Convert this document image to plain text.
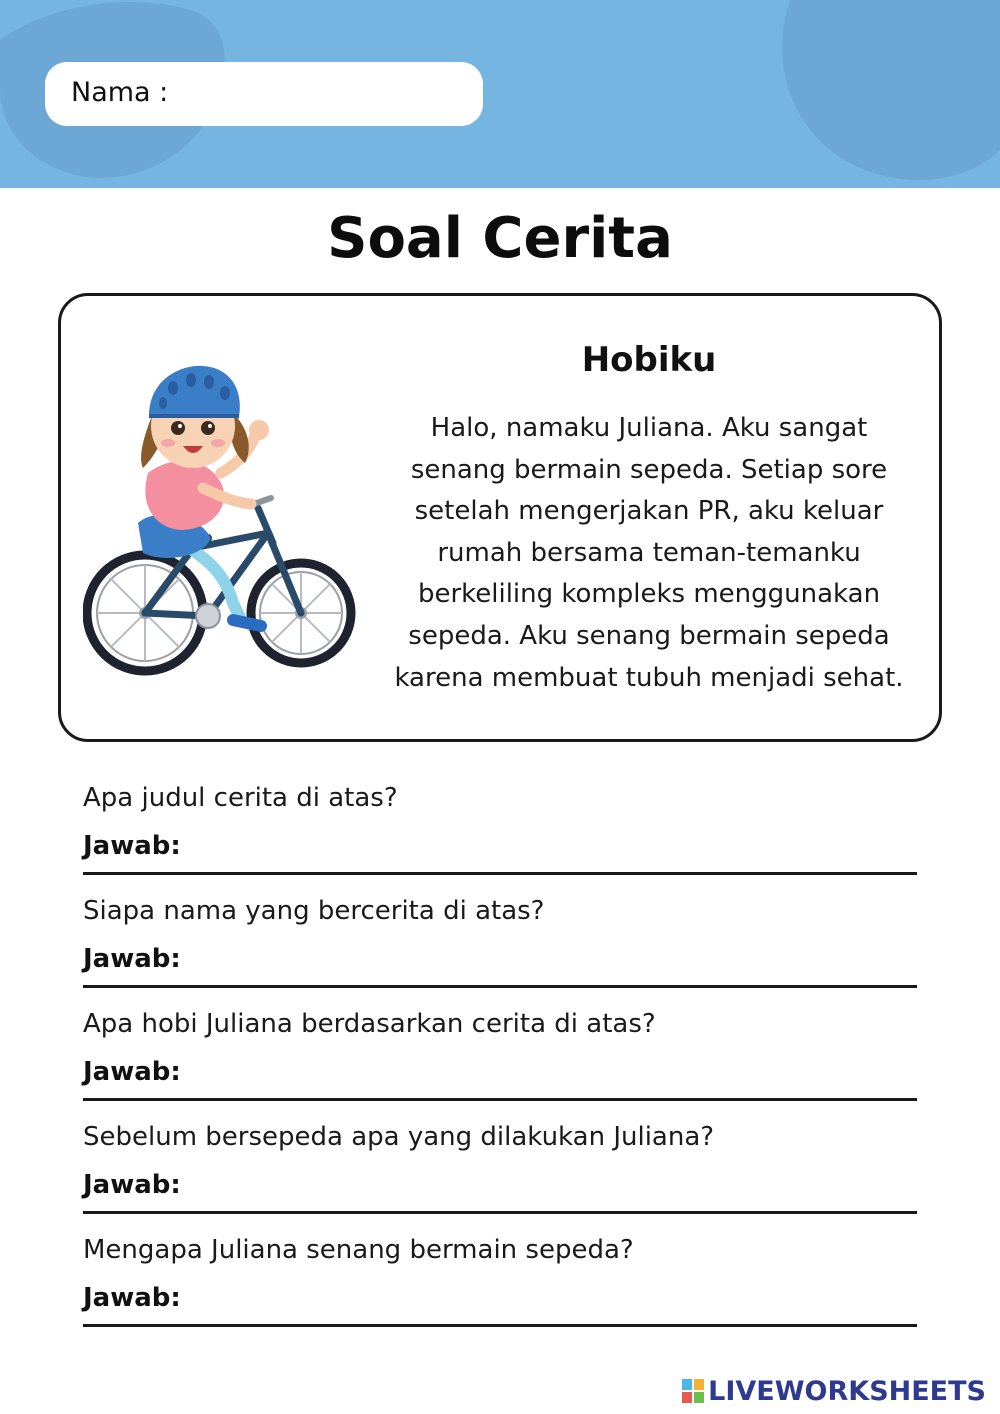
Nama :
Soal Cerita
Hobiku
Halo, namaku Juliana. Aku sangat
senang bermain sepeda. Setiap sore
setelah mengerjakan PR, aku keluar
rumah bersama teman-temanku
berkeliling kompleks menggunakan
sepeda. Aku senang bermain sepeda
karena membuat tubuh menjadi sehat.
Apa judul cerita di atas?
Jawab:
Siapa nama yang bercerita di atas?
Jawab:
Apa hobi Juliana berdasarkan cerita di atas?
Jawab:
Sebelum bersepeda apa yang dilakukan Juliana?
Jawab:
Mengapa Juliana senang bermain sepeda?
Jawab:
LIVEWORKSHEETS
